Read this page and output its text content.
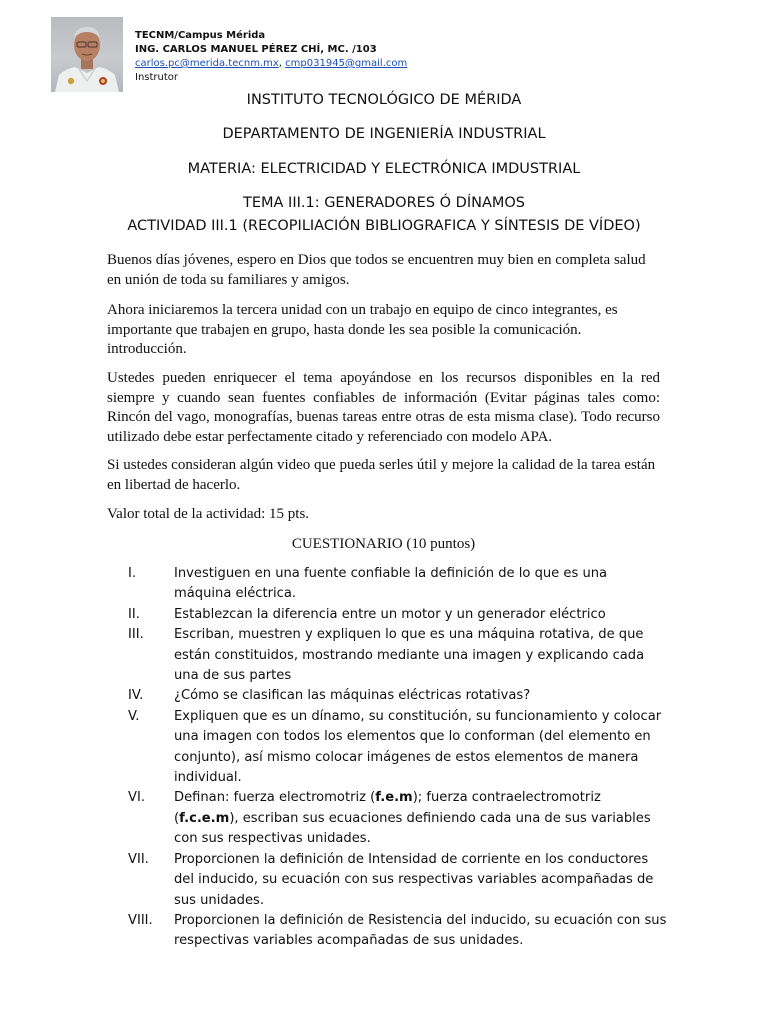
TECNM/Campus Mérida
ING. CARLOS MANUEL PÉREZ CHÍ, MC. /103
carlos.pc@merida.tecnm.mx, cmp031945@gmail.com
Instrutor
INSTITUTO TECNOLÓGICO DE MÉRIDA
DEPARTAMENTO DE INGENIERÍA INDUSTRIAL
MATERIA: ELECTRICIDAD Y ELECTRÓNICA IMDUSTRIAL
TEMA III.1: GENERADORES Ó DÍNAMOS
ACTIVIDAD III.1 (RECOPILIACIÓN BIBLIOGRAFICA Y SÍNTESIS DE VÍDEO)
Buenos días jóvenes, espero en Dios que todos se encuentren muy bien en completa salud en unión de toda su familiares y amigos.
Ahora iniciaremos la tercera unidad con un trabajo en equipo de cinco integrantes, es importante que trabajen en grupo, hasta donde les sea posible la comunicación. introducción.
Ustedes pueden enriquecer el tema apoyándose en los recursos disponibles en la red siempre y cuando sean fuentes confiables de información (Evitar páginas tales como: Rincón del vago, monografías, buenas tareas entre otras de esta misma clase). Todo recurso utilizado debe estar perfectamente citado y referenciado con modelo APA.
Si ustedes consideran algún video que pueda serles útil y mejore la calidad de la tarea están en libertad de hacerlo.
Valor total de la actividad: 15 pts.
CUESTIONARIO (10 puntos)
I.	Investiguen en una fuente confiable la definición de lo que es una máquina eléctrica.
II.	Establezcan la diferencia entre un motor y un generador eléctrico
III. Escriban, muestren y expliquen lo que es una máquina rotativa, de que están constituidos, mostrando mediante una imagen y explicando cada una de sus partes
IV. ¿Cómo se clasifican las máquinas eléctricas rotativas?
V.	Expliquen que es un dínamo, su constitución, su funcionamiento y colocar una imagen con todos los elementos que lo conforman (del elemento en conjunto), así mismo colocar imágenes de estos elementos de manera individual.
VI. Definan: fuerza electromotriz (f.e.m); fuerza contraelectromotriz (f.c.e.m), escriban sus ecuaciones definiendo cada una de sus variables con sus respectivas unidades.
VII. Proporcionen la definición de Intensidad de corriente en los conductores del inducido, su ecuación con sus respectivas variables acompañadas de sus unidades.
VIII. Proporcionen la definición de Resistencia del inducido, su ecuación con sus respectivas variables acompañadas de sus unidades.
